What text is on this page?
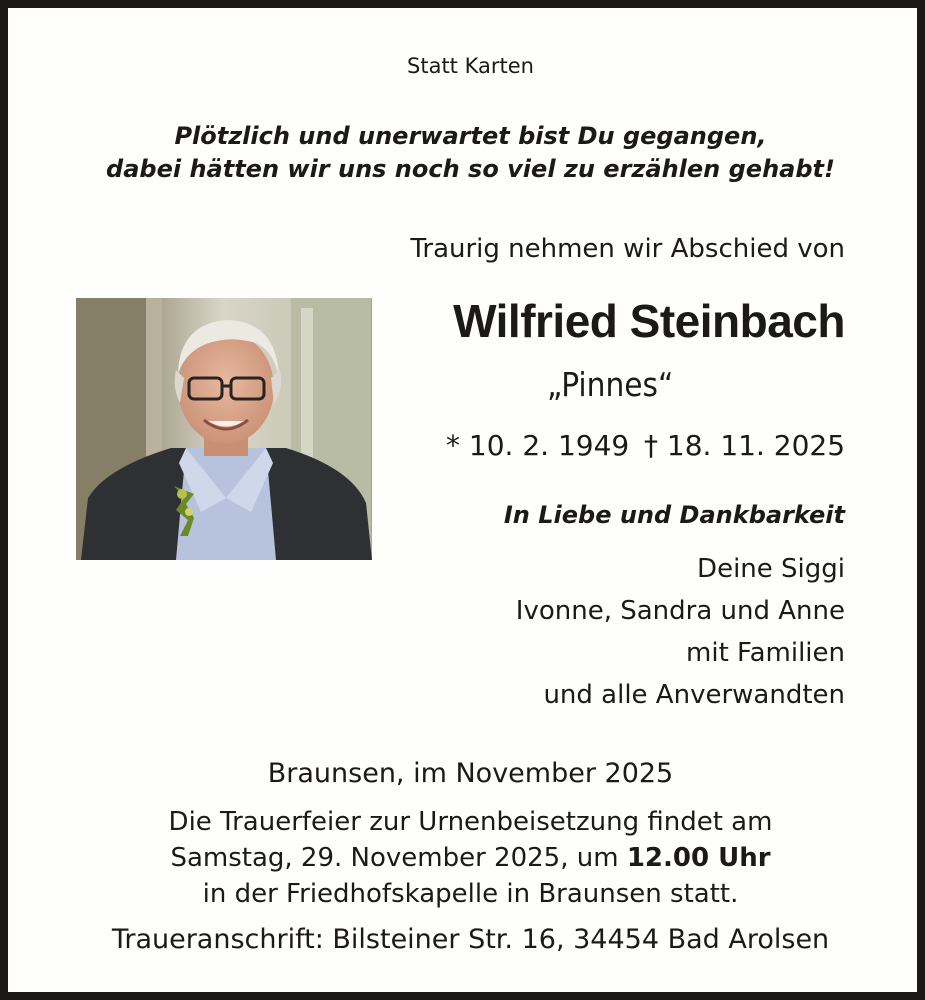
Statt Karten
Plötzlich und unerwartet bist Du gegangen,
dabei hätten wir uns noch so viel zu erzählen gehabt!
Traurig nehmen wir Abschied von
Wilfried Steinbach
„Pinnes“
* 10. 2. 1949 † 18. 11. 2025
In Liebe und Dankbarkeit
Deine Siggi
Ivonne, Sandra und Anne
mit Familien
und alle Anverwandten
Braunsen, im November 2025
Die Trauerfeier zur Urnenbeisetzung findet am
Samstag, 29. November 2025, um 12.00 Uhr
in der Friedhofskapelle in Braunsen statt.
Traueranschrift: Bilsteiner Str. 16, 34454 Bad Arolsen
